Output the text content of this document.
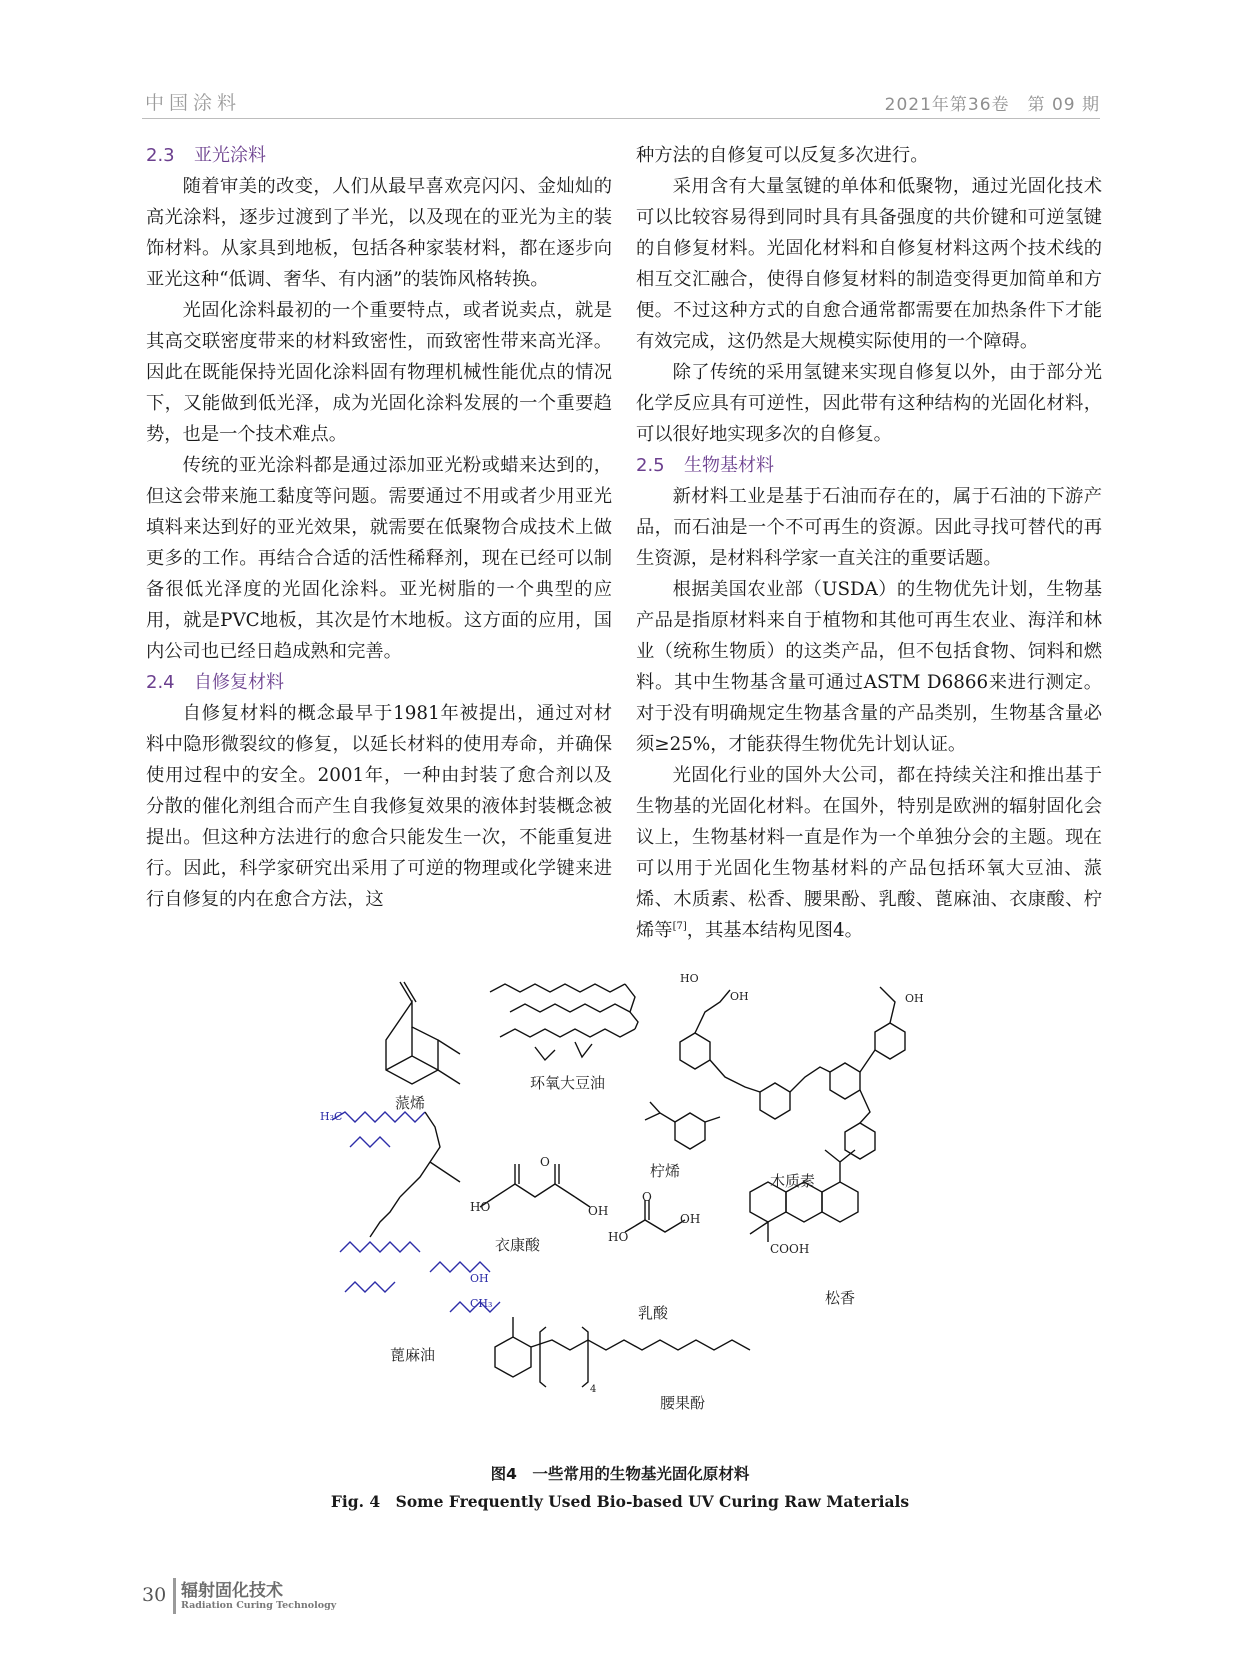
中国涂料	2021年第36卷　第 09 期
2.3 亚光涂料

随着审美的改变，人们从最早喜欢亮闪闪、金灿灿的高光涂料，逐步过渡到了半光，以及现在的亚光为主的装饰材料。从家具到地板，包括各种家装材料，都在逐步向亚光这种“低调、奢华、有内涵”的装饰风格转换。

光固化涂料最初的一个重要特点，或者说卖点，就是其高交联密度带来的材料致密性，而致密性带来高光泽。因此在既能保持光固化涂料固有物理机械性能优点的情况下，又能做到低光泽，成为光固化涂料发展的一个重要趋势，也是一个技术难点。

传统的亚光涂料都是通过添加亚光粉或蜡来达到的，但这会带来施工黏度等问题。需要通过不用或者少用亚光填料来达到好的亚光效果，就需要在低聚物合成技术上做更多的工作。再结合合适的活性稀释剂，现在已经可以制备很低光泽度的光固化涂料。亚光树脂的一个典型的应用，就是PVC地板，其次是竹木地板。这方面的应用，国内公司也已经日趋成熟和完善。

2.4 自修复材料

自修复材料的概念最早于1981年被提出，通过对材料中隐形微裂纹的修复，以延长材料的使用寿命，并确保使用过程中的安全。2001年，一种由封装了愈合剂以及分散的催化剂组合而产生自我修复效果的液体封装概念被提出。但这种方法进行的愈合只能发生一次，不能重复进行。因此，科学家研究出采用了可逆的物理或化学键来进行自修复的内在愈合方法，这

种方法的自修复可以反复多次进行。

采用含有大量氢键的单体和低聚物，通过光固化技术可以比较容易得到同时具有具备强度的共价键和可逆氢键的自修复材料。光固化材料和自修复材料这两个技术线的相互交汇融合，使得自修复材料的制造变得更加简单和方便。不过这种方式的自愈合通常都需要在加热条件下才能有效完成，这仍然是大规模实际使用的一个障碍。

除了传统的采用氢键来实现自修复以外，由于部分光化学反应具有可逆性，因此带有这种结构的光固化材料，可以很好地实现多次的自修复。

2.5 生物基材料

新材料工业是基于石油而存在的，属于石油的下游产品，而石油是一个不可再生的资源。因此寻找可替代的再生资源，是材料科学家一直关注的重要话题。

根据美国农业部（USDA）的生物优先计划，生物基产品是指原材料来自于植物和其他可再生农业、海洋和林业（统称生物质）的这类产品，但不包括食物、饲料和燃料。其中生物基含量可通过ASTM D6866来进行测定。对于没有明确规定生物基含量的产品类别，生物基含量必须≥25%，才能获得生物优先计划认证。

光固化行业的国外大公司，都在持续关注和推出基于生物基的光固化材料。在国外，特别是欧洲的辐射固化会议上，生物基材料一直是作为一个单独分会的主题。现在可以用于光固化生物基材料的产品包括环氧大豆油、蒎烯、木质素、松香、腰果酚、乳酸、蓖麻油、衣康酸、柠烯等[7]，其基本结构见图4。

蒎烯
环氧大豆油
木质素
柠烯
衣康酸
蓖麻油
乳酸
松香
腰果酚
HO	OH
HO
OH
O
O
COOH
HO
OH	OH
H₃C
CH₃
OH
4
图4　一些常用的生物基光固化原材料
Fig. 4　Some Frequently Used Bio-based UV Curing Raw Materials
30 辐射固化技术
Radiation Curing Technology
